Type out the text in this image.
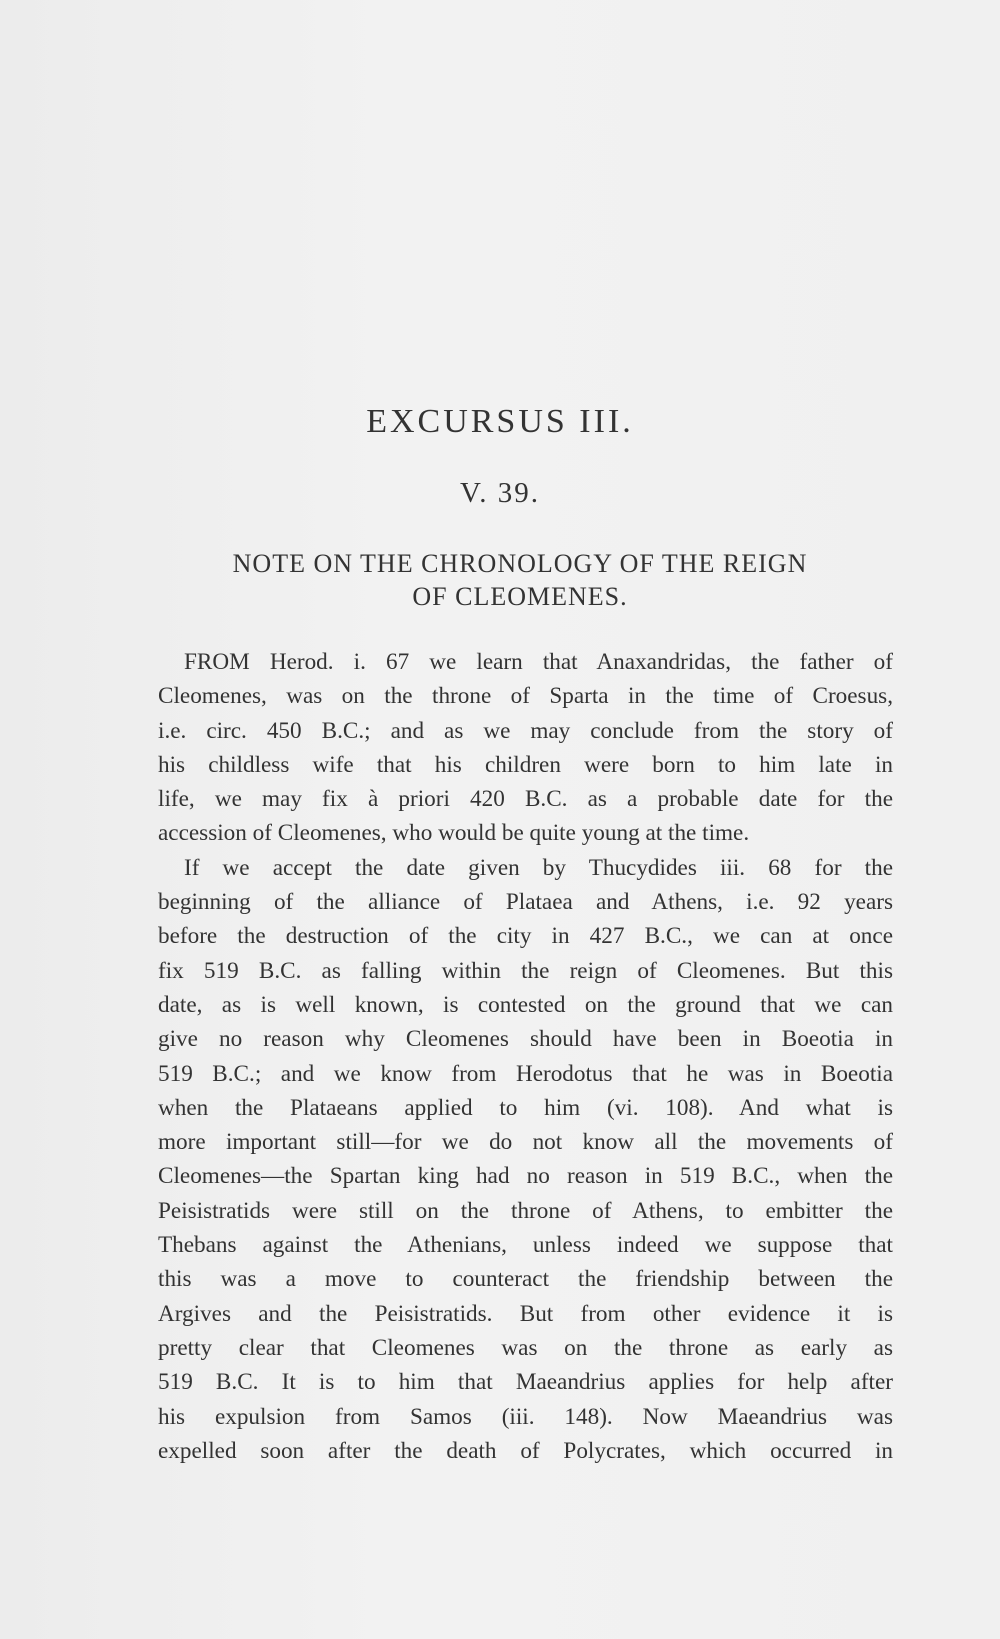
EXCURSUS III.
V. 39.
NOTE ON THE CHRONOLOGY OF THE REIGN
OF CLEOMENES.
FROM Herod. i. 67 we learn that Anaxandridas, the father of
Cleomenes, was on the throne of Sparta in the time of Croesus,
i.e. circ. 450 B.C.; and as we may conclude from the story of
his childless wife that his children were born to him late in
life, we may fix à priori 420 B.C. as a probable date for the
accession of Cleomenes, who would be quite young at the time.
If we accept the date given by Thucydides iii. 68 for the
beginning of the alliance of Plataea and Athens, i.e. 92 years
before the destruction of the city in 427 B.C., we can at once
fix 519 B.C. as falling within the reign of Cleomenes. But this
date, as is well known, is contested on the ground that we can
give no reason why Cleomenes should have been in Boeotia in
519 B.C.; and we know from Herodotus that he was in Boeotia
when the Plataeans applied to him (vi. 108). And what is
more important still—for we do not know all the movements of
Cleomenes—the Spartan king had no reason in 519 B.C., when the
Peisistratids were still on the throne of Athens, to embitter the
Thebans against the Athenians, unless indeed we suppose that
this was a move to counteract the friendship between the
Argives and the Peisistratids. But from other evidence it is
pretty clear that Cleomenes was on the throne as early as
519 B.C. It is to him that Maeandrius applies for help after
his expulsion from Samos (iii. 148). Now Maeandrius was
expelled soon after the death of Polycrates, which occurred in
